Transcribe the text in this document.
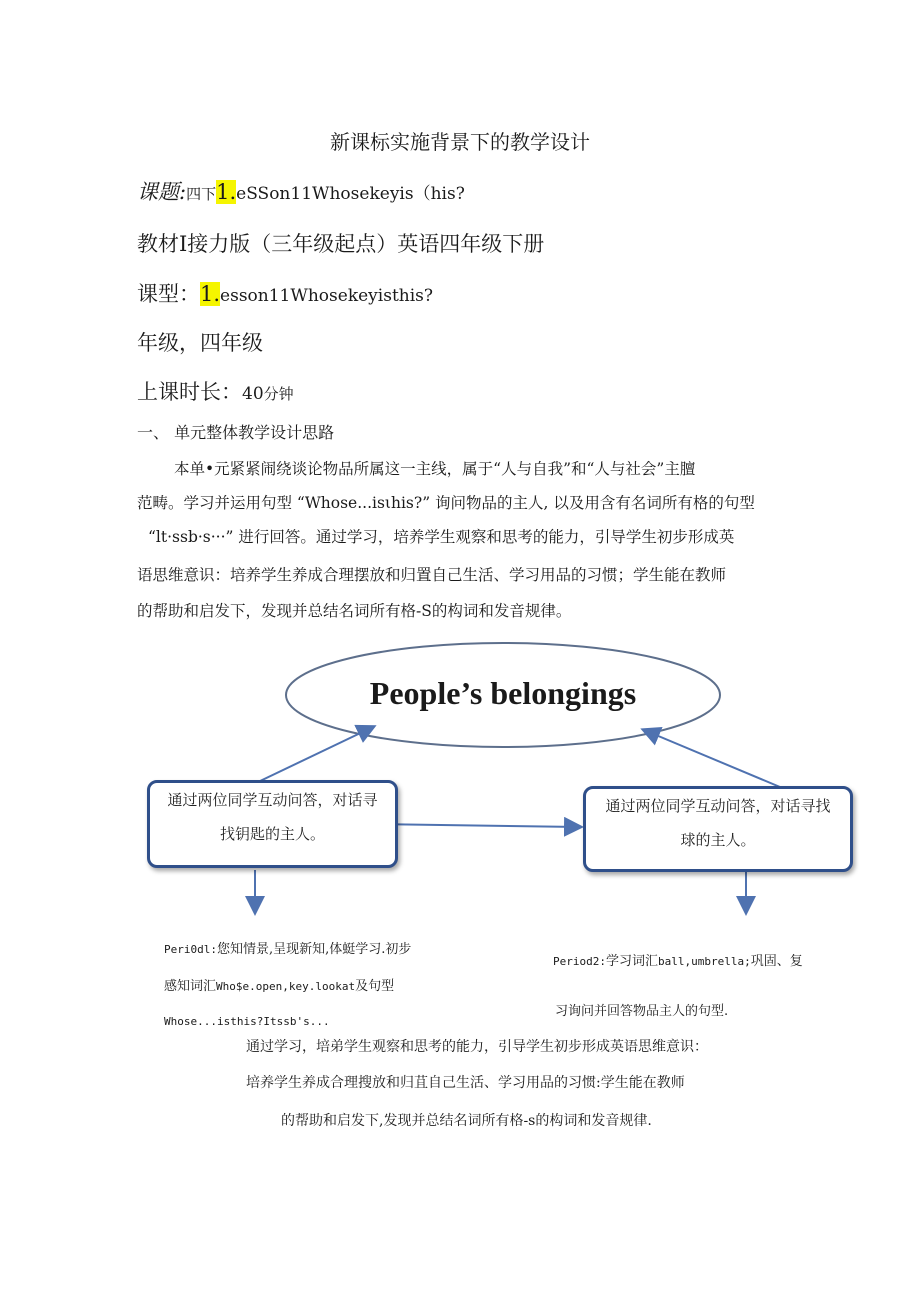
新课标实施背景下的教学设计
课题:四下1.eSSon11Whosekeyis（his?
教材I接力版（三年级起点）英语四年级下册
课型：1.esson11Whosekeyisthis?
年级，四年级
上课时长：40分钟
一、 单元整体教学设计思路
本单•元紧紧闹绕谈论物品所属这一主线，属于“人与自我”和“人与社会”主膻
范畴。学习并运用句型 “Whose...isιhis?” 询问物品的主人, 以及用含有名词所有格的句型
“lt·ssb·s···” 进行回答。通过学习，培养学生观察和思考的能力，引导学生初步形成英
语思维意识：培养学生养成合理摆放和归置自己生活、学习用品的习惯；学生能在教师
的帮助和启发下，发现并总结名词所有格-S的构词和发音规律。
People’s belongings
通过两位同学互动问答，对话寻
找钥匙的主人。
通过两位同学互动问答，对话寻找
球的主人。
Peri0dl:您知情景,呈现新知,体蜓学习.初步
感知词汇Who$e.open,key.lookat及句型
Whose...isthis?Itssb's...
Period2:学习词汇ball,umbrella;巩固、复
习询问并回答物品主人的句型.
通过学习，培弟学生观察和思考的能力，引导学生初步形成英语思维意识：
培养学生养成合理搜放和归苴自己生活、学习用品的习惯:学生能在教师
的帮助和启发下,发现并总结名词所有格-s的构词和发音规律.
